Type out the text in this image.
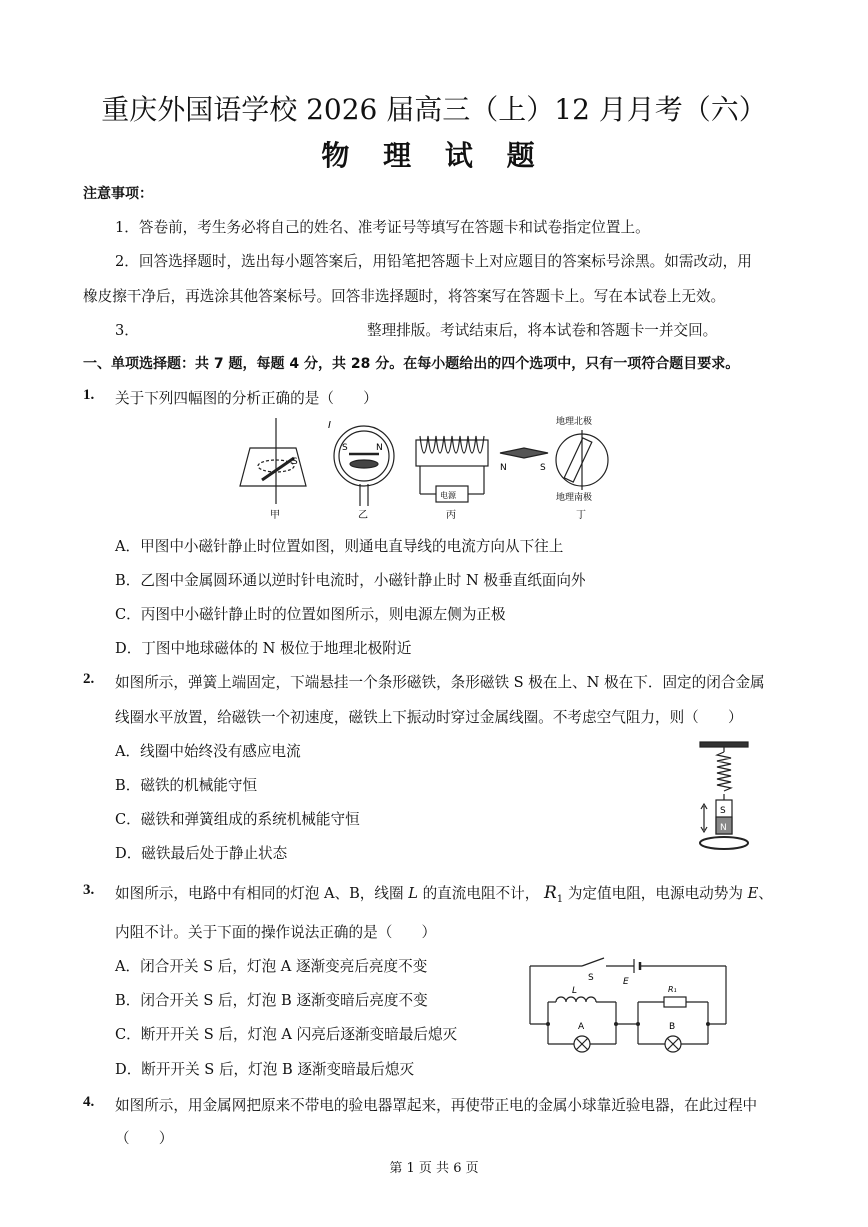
重庆外国语学校 2026 届高三（上）12 月月考（六）
物 理 试 题
注意事项：
1．答卷前，考生务必将自己的姓名、准考证号等填写在答题卡和试卷指定位置上。
2．回答选择题时，选出每小题答案后，用铅笔把答题卡上对应题目的答案标号涂黑。如需改动，用
橡皮擦干净后，再选涂其他答案标号。回答非选择题时，将答案写在答题卡上。写在本试卷上无效。
3．	整理排版。考试结束后，将本试卷和答题卡一并交回。
一、单项选择题：共 7 题，每题 4 分，共 28 分。在每小题给出的四个选项中，只有一项符合题目要求。
1. 关于下列四幅图的分析正确的是（　　）
S
甲
I
S	N
乙
N	S
电源
丙
地理北极
地理南极
丁
A．甲图中小磁针静止时位置如图，则通电直导线的电流方向从下往上
B．乙图中金属圆环通以逆时针电流时，小磁针静止时 N 极垂直纸面向外
C．丙图中小磁针静止时的位置如图所示，则电源左侧为正极
D．丁图中地球磁体的 N 极位于地理北极附近
2. 如图所示，弹簧上端固定，下端悬挂一个条形磁铁，条形磁铁 S 极在上、N 极在下．固定的闭合金属
线圈水平放置，给磁铁一个初速度，磁铁上下振动时穿过金属线圈。不考虑空气阻力，则（　　）
A．线圈中始终没有感应电流
B．磁铁的机械能守恒
C．磁铁和弹簧组成的系统机械能守恒
D．磁铁最后处于静止状态
S
N
3. 如图所示，电路中有相同的灯泡 A、B，线圈 L 的直流电阻不计， $R_1$ 为定值电阻，电源电动势为 E、
内阻不计。关于下面的操作说法正确的是（　　）
A．闭合开关 S 后，灯泡 A 逐渐变亮后亮度不变
B．闭合开关 S 后，灯泡 B 逐渐变暗后亮度不变
C．断开开关 S 后，灯泡 A 闪亮后逐渐变暗最后熄灭
D．断开开关 S 后，灯泡 B 逐渐变暗最后熄灭
S	E
L	R₁
A	B
4. 如图所示，用金属网把原来不带电的验电器罩起来，再使带正电的金属小球靠近验电器，在此过程中
（　　）
第 1 页 共 6 页
